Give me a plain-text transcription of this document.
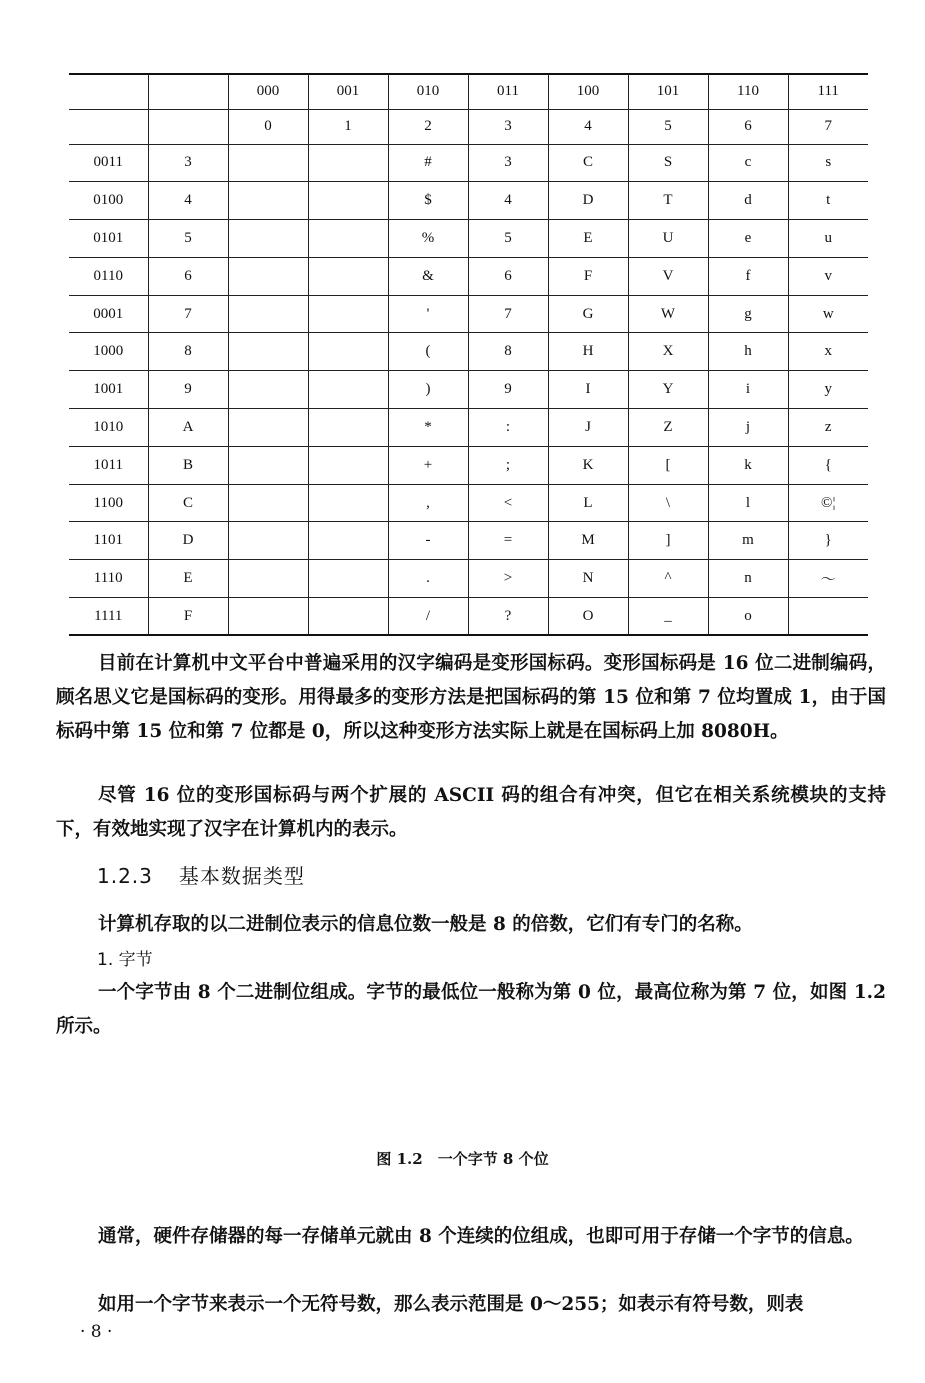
		000	001	010	011	100	101	110	111
		0	1	2	3	4	5	6	7
0011	3			#	3	C	S	c	s
0100	4			$	4	D	T	d	t
0101	5			%	5	E	U	e	u
0110	6			&	6	F	V	f	v
0001	7			'	7	G	W	g	w
1000	8			(	8	H	X	h	x
1001	9			)	9	I	Y	i	y
1010	A			*	:	J	Z	j	z
1011	B			+	;	K	[	k	{
1100	C			,	<	L	\	l	©¦
1101	D			-	=	M	]	m	}
1110	E			.	>	N	^	n	～
1111	F			/	?	O	_	o	

目前在计算机中文平台中普遍采用的汉字编码是变形国标码。变形国标码是 16 位二进制编码，顾名思义它是国标码的变形。用得最多的变形方法是把国标码的第 15 位和第 7 位均置成 1，由于国标码中第 15 位和第 7 位都是 0，所以这种变形方法实际上就是在国标码上加 8080H。

尽管 16 位的变形国标码与两个扩展的 ASCII 码的组合有冲突，但它在相关系统模块的支持下，有效地实现了汉字在计算机内的表示。

1.2.3 基本数据类型

计算机存取的以二进制位表示的信息位数一般是 8 的倍数，它们有专门的名称。

1. 字节

一个字节由 8 个二进制位组成。字节的最低位一般称为第 0 位，最高位称为第 7 位，如图 1.2 所示。

图 1.2　一个字节 8 个位

通常，硬件存储器的每一存储单元就由 8 个连续的位组成，也即可用于存储一个字节的信息。

如用一个字节来表示一个无符号数，那么表示范围是 0～255；如表示有符号数，则表

· 8 ·
